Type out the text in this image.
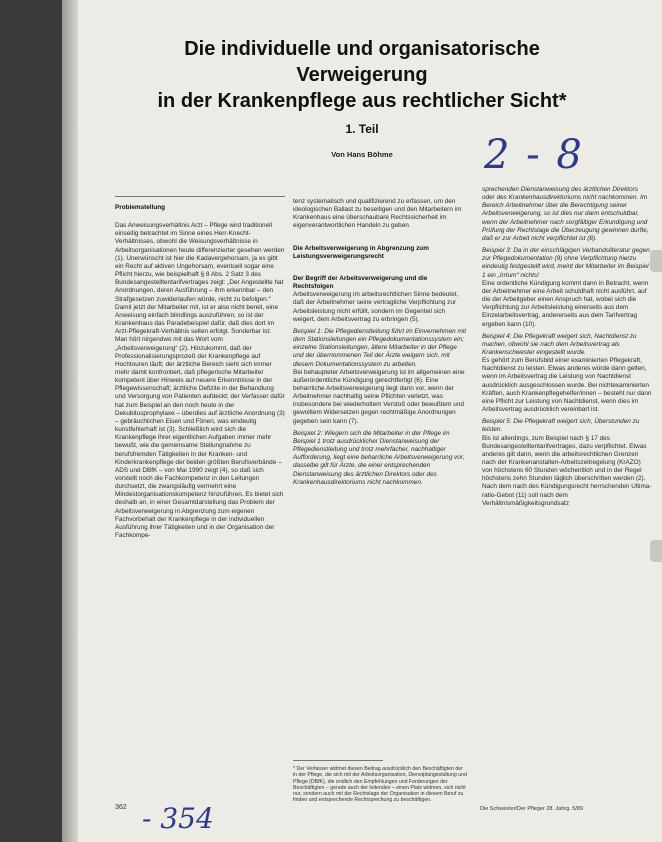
Die individuelle und organisatorische
Verweigerung
in der Krankenpflege aus rechtlicher Sicht*
1. Teil
Von Hans Böhme	2 - 8

Problemstellung

Das Anweisungsverhältnis Arzt – Pflege wird traditionell einseitig betrachtet im Sinne eines Herr-Knecht-Verhältnisses, obwohl die Weisungsverhältnisse in Arbeitsorganisationen heute differenzierter gesehen werden (1). Unerwünscht ist hier die Kadavergehorsam, ja es gibt ein Recht auf aktiven Ungehorsam, eventuell sogar eine Pflicht hierzu, wie beispielhaft § 8 Abs. 2 Satz 3 des Bundesangestelltentarifvertrages zeigt: „Der Angestellte hat Anordnungen, deren Ausführung – ihm erkennbar – den Strafgesetzen zuwiderlaufen würde, nicht zu befolgen.“ Damit jetzt der Mitarbeiter mit, ist er also nicht bereit, eine Anweisung einfach blindlings auszuführen, so ist der Krankenhaus das Paradebeispiel dafür, daß dies dort im Arzt-Pflegekraft-Verhältnis selten erfolgt. Sonderbar ist: Man hört nirgendwo mit das Wort vom „Arbeitsverweigerung“ (2). Hinzukommt, daß der Professionalisierungsprozeß der Krankenpflege auf Hochtouren läuft; der ärztliche Bereich sieht sich immer mehr damit konfrontiert, daß pflegerische Mitarbeiter kompetent über Hinweis auf neuere Erkenntnisse in der Pflegewissenschaft; ärztliche Defizite in der Behandlung und Versorgung von Patienten aufdeckt; der Verfasser dafür hat zum Beispiel an den noch heute in der Dekubitusprophylaxe – überdies auf ärztliche Anordnung (3) – gebräuchlichen Eisen und Fönen, was eindeutig kunstfehlerhaft ist (3). Schließlich wird sich die Krankenpflege ihrer eigentlichen Aufgaben immer mehr bewußt, wie die gemeinsame Stellungnahme zu berufsfremden Tätigkeiten in der Kranken- und Kinderkrankenpflege der beiden größten Berufsverbände – ADS und DBfK – von Mai 1990 zeigt (4), so daß sich vorstellt noch die Fachkompetenz in den Leitungen durchsetzt, die zwangsläufig vermehrt eine Mindestorganisationskompetenz hinzuführen. Es bietet sich deshalb an, in einer Gesamtdarstellung das Problem der Arbeitsverweigerung in Abgrenzung zum eigenen Fachvorbehalt der Krankenpflege in der individuellen Ausführung ihrer Tätigkeiten und in der Organisation der Fachkompe-

tenz systematisch und qualifizierend zu erfassen, um den ideologischen Ballast zu beseitigen und den Mitarbeitern im Krankenhaus eine überschaubare Rechtssicherheit im eigenverantwortlichen Handeln zu geben.

Die Arbeitsverweigerung in Abgrenzung zum Leistungsverweigerungsrecht

Der Begriff der Arbeitsverweigerung und die Rechtsfolgen

Arbeitsverweigerung im arbeitsrechtlichen Sinne bedeutet, daß der Arbeitnehmer seine vertragliche Verpflichtung zur Arbeitsleistung nicht erfüllt, sondern im Gegenteil sich weigert, dem Arbeitsvertrag zu erbringen (5).

Beispiel 1: Die Pflegedienstleitung führt im Einvernehmen mit dem Stationsleitungen ein Pflegedokumentationssystem ein; einzelne Stationsleitungen, ältere Mitarbeiter in der Pflege und der übernommenen Teil der Ärzte weigern sich, mit diesem Dokumentationssystem zu arbeiten.

Bei behaupteter Arbeitsverweigerung ist im allgemeinen eine außerordentliche Kündigung gerechtfertigt (6). Eine beharrliche Arbeitsverweigerung liegt dann vor, wenn der Arbeitnehmer nachhaltig seine Pflichten verletzt, was insbesondere bei wiederholtem Verstoß oder bewußtem und gewolltem Widersetzen gegen rechtmäßige Anordnungen gegeben sein kann (7).

Beispiel 2: Wiegern sich die Mitarbeiter in der Pflege im Beispiel 1 trotz ausdrücklicher Dienstanweisung der Pflegedienstleitung und trotz mehrfacher, nachhaltiger Aufforderung, liegt eine beharrliche Arbeitsverweigerung vor; dasselbe gilt für Ärzte, die einer entsprechenden Dienstanweisung des ärztlichen Direktors oder des Krankenhausdirektoriums nicht nachkommen.

* Der Verfasser widmet diesen Beitrag ausdrücklich den Beschäftigten der in der Pflege, die sich mit der Arbeitsorganisation, Dienstplangestaltung und Pflege (DBfK), die endlich den Empfehlungen und Forderungen der Beschäftigten – gerade auch der leitenden – einen Platz widmen, sich nicht nur, sondern auch mit der Rechtslage der Organisation in diesem Beruf zu finden und entsprechende Rechtsprechung zu beschäftigen.

sprechenden Dienstanweisung des ärztlichen Direktors oder des Krankenhausdirektoriums nicht nachkommen. Im Bereich Arbeitnehmer über die Berechtigung seiner Arbeitsverweigerung, so ist dies nur dann entschuldbar, wenn der Arbeitnehmer nach sorgfältiger Erkundigung und Prüfung der Rechtslage die Überzeugung gewinnen durfte, daß er zur Arbeit nicht verpflichtet ist (8).

Beispiel 3: Da in der einschlägigen Verbandsliteratur gegen zur Pflegedokumentation (9) ohne Verpflichtung hierzu eindeutig festgestellt wird, meint der Mitarbeiter im Beispiel 1 ein „Irrtum“ nichts!

Eine ordentliche Kündigung kommt dann in Betracht, wenn der Arbeitnehmer eine Arbeit schuldhaft nicht ausführt, auf die der Arbeitgeber einen Anspruch hat, wobei sich die Verpflichtung zur Arbeitsleistung einerseits aus dem Einzelarbeitsvertrag, andererseits aus dem Tarifvertrag ergeben kann (10).

Beispiel 4: Die Pflegekraft weigert sich, Nachtdienst zu machen, obwohl sie nach dem Arbeitsvertrag als Krankenschwester eingestellt wurde.

Es gehört zum Berufsbild einer examinierten Pflegekraft, Nachtdienst zu leisten. Etwas anderes würde dann gelten, wenn im Arbeitsvertrag die Leistung von Nachtdienst ausdrücklich ausgeschlossen wurde. Bei nichtexaminierten Kräften, auch Krankenpflegehelfer/innen – besteht nur dann eine Pflicht zur Leistung von Nachtdienst, wenn dies im Arbeitsvertrag ausdrücklich vereinbart ist.

Beispiel 5: Die Pflegekraft weigert sich, Überstunden zu leisten.

Bis ist allerdings, zum Beispiel nach § 17 des Bundesangestelltentarifvertrages, dazu verpflichtet. Etwas anderes gilt dann, wenn die arbeitsrechtlichen Grenzen nach der Krankenanstalten-Arbeitszeitregelung (KrAZO) von höchstens 60 Stunden wöchentlich und in der Regel höchstens zehn Stunden täglich überschritten werden (2). Nach dem nach des Kündigungsrecht herrschenden Ultima-ratio-Gebot (11) soll nach dem Verhältnismäßigkeitsgrundsatz

362 - 354	Die Schwester/Der Pfleger 28. Jahrg. 5/89
